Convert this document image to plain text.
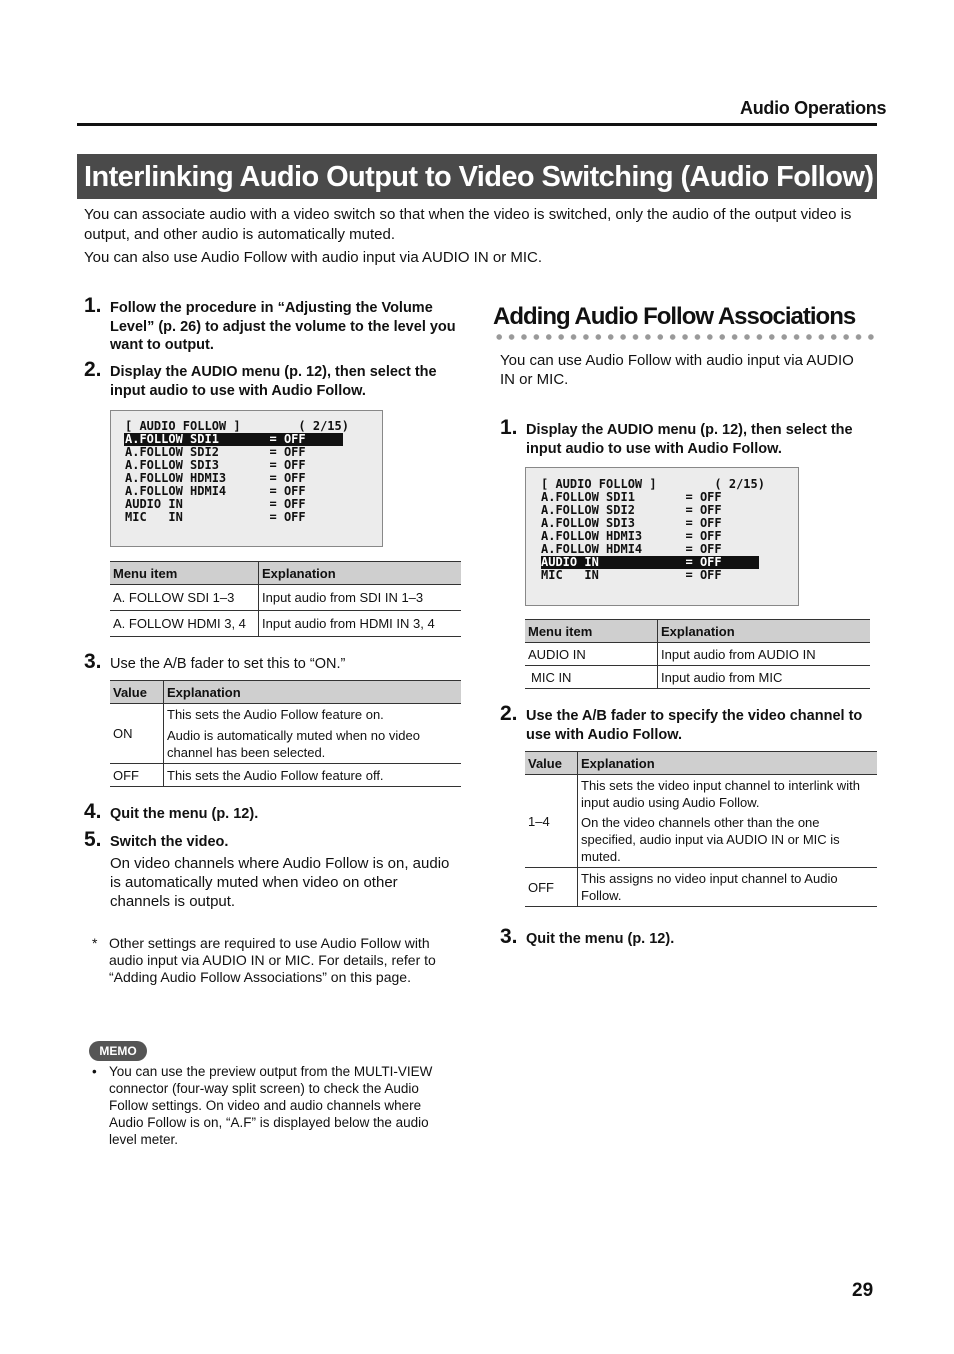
Audio Operations
Interlinking Audio Output to Video Switching (Audio Follow)

You can associate audio with a video switch so that when the video is switched, only the audio of the output video is output, and other audio is automatically muted.

You can also use Audio Follow with audio input via AUDIO IN or MIC.

1. Follow the procedure in “Adjusting the Volume Level” (p. 26) to adjust the volume to the level you want to output.
2. Display the AUDIO menu (p. 12), then select the input audio to use with Audio Follow.
[ AUDIO FOLLOW ]        ( 2/15)
A.FOLLOW SDI1       = OFF
A.FOLLOW SDI2       = OFF
A.FOLLOW SDI3       = OFF
A.FOLLOW HDMI3      = OFF
A.FOLLOW HDMI4      = OFF
AUDIO IN            = OFF
MIC   IN            = OFF
Menu item	Explanation
A. FOLLOW SDI 1–3	Input audio from SDI IN 1–3
A. FOLLOW HDMI 3, 4	Input audio from HDMI IN 3, 4
3. Use the A/B fader to set this to “ON.”
Value	Explanation
ON	This sets the Audio Follow feature on.
Audio is automatically muted when no video channel has been selected.

OFF	This sets the Audio Follow feature off.
4. Quit the menu (p. 12).
5. Switch the video.
On video channels where Audio Follow is on, audio is automatically muted when video on other channels is output.
* Other settings are required to use Audio Follow with audio input via AUDIO IN or MIC. For details, refer to “Adding Audio Follow Associations” on this page.
MEMO
• You can use the preview output from the MULTI-VIEW connector (four-way split screen) to check the Audio Follow settings. On video and audio channels where Audio Follow is on, “A.F” is displayed below the audio level meter.
Adding Audio Follow Associations
You can use Audio Follow with audio input via AUDIO IN or MIC.
1. Display the AUDIO menu (p. 12), then select the input audio to use with Audio Follow.
[ AUDIO FOLLOW ]        ( 2/15)
A.FOLLOW SDI1       = OFF
A.FOLLOW SDI2       = OFF
A.FOLLOW SDI3       = OFF
A.FOLLOW HDMI3      = OFF
A.FOLLOW HDMI4      = OFF
AUDIO IN            = OFF
MIC   IN            = OFF
Menu item	Explanation
AUDIO IN	Input audio from AUDIO IN
MIC IN	Input audio from MIC
2. Use the A/B fader to specify the video channel to use with Audio Follow.
Value	Explanation
1–4	This sets the video input channel to interlink with input audio using Audio Follow.
On the video channels other than the one specified, audio input via AUDIO IN or MIC is muted.

OFF	This assigns no video input channel to Audio Follow.
3. Quit the menu (p. 12).
29
